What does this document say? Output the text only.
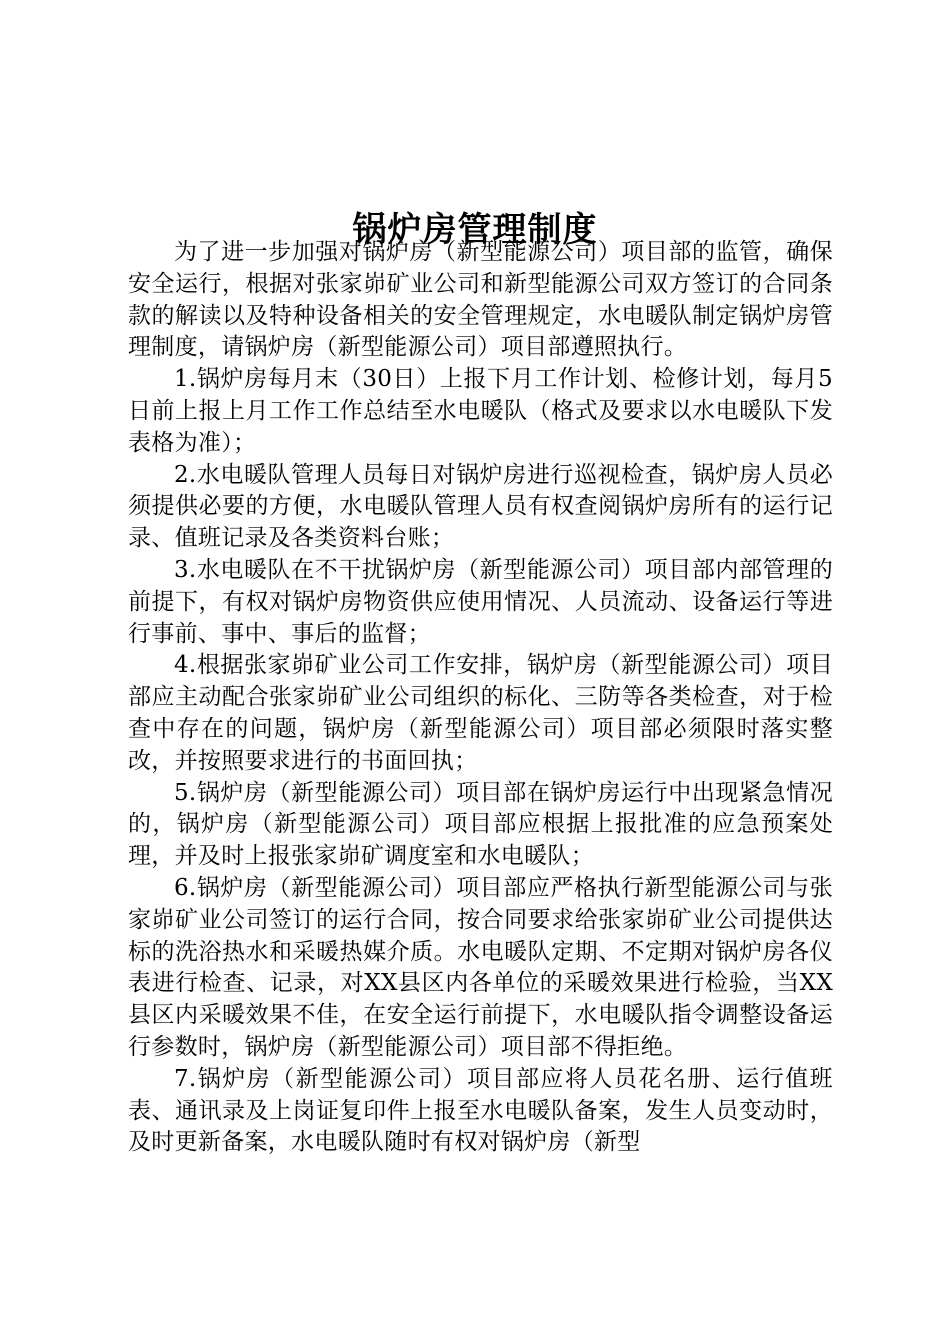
锅炉房管理制度

为了进一步加强对锅炉房（新型能源公司）项目部的监管，确保安全运行，根据对张家峁矿业公司和新型能源公司双方签订的合同条款的解读以及特种设备相关的安全管理规定，水电暖队制定锅炉房管理制度，请锅炉房（新型能源公司）项目部遵照执行。

1.锅炉房每月末（30日）上报下月工作计划、检修计划，每月5日前上报上月工作工作总结至水电暖队（格式及要求以水电暖队下发表格为准）；

2.水电暖队管理人员每日对锅炉房进行巡视检查，锅炉房人员必须提供必要的方便，水电暖队管理人员有权查阅锅炉房所有的运行记录、值班记录及各类资料台账；

3.水电暖队在不干扰锅炉房（新型能源公司）项目部内部管理的前提下，有权对锅炉房物资供应使用情况、人员流动、设备运行等进行事前、事中、事后的监督；

4.根据张家峁矿业公司工作安排，锅炉房（新型能源公司）项目部应主动配合张家峁矿业公司组织的标化、三防等各类检查，对于检查中存在的问题，锅炉房（新型能源公司）项目部必须限时落实整改，并按照要求进行的书面回执；

5.锅炉房（新型能源公司）项目部在锅炉房运行中出现紧急情况的，锅炉房（新型能源公司）项目部应根据上报批准的应急预案处理，并及时上报张家峁矿调度室和水电暖队；

6.锅炉房（新型能源公司）项目部应严格执行新型能源公司与张家峁矿业公司签订的运行合同，按合同要求给张家峁矿业公司提供达标的洗浴热水和采暖热媒介质。水电暖队定期、不定期对锅炉房各仪表进行检查、记录，对XX县区内各单位的采暖效果进行检验，当XX县区内采暖效果不佳，在安全运行前提下，水电暖队指令调整设备运行参数时，锅炉房（新型能源公司）项目部不得拒绝。

7.锅炉房（新型能源公司）项目部应将人员花名册、运行值班表、通讯录及上岗证复印件上报至水电暖队备案，发生人员变动时，及时更新备案，水电暖队随时有权对锅炉房（新型
